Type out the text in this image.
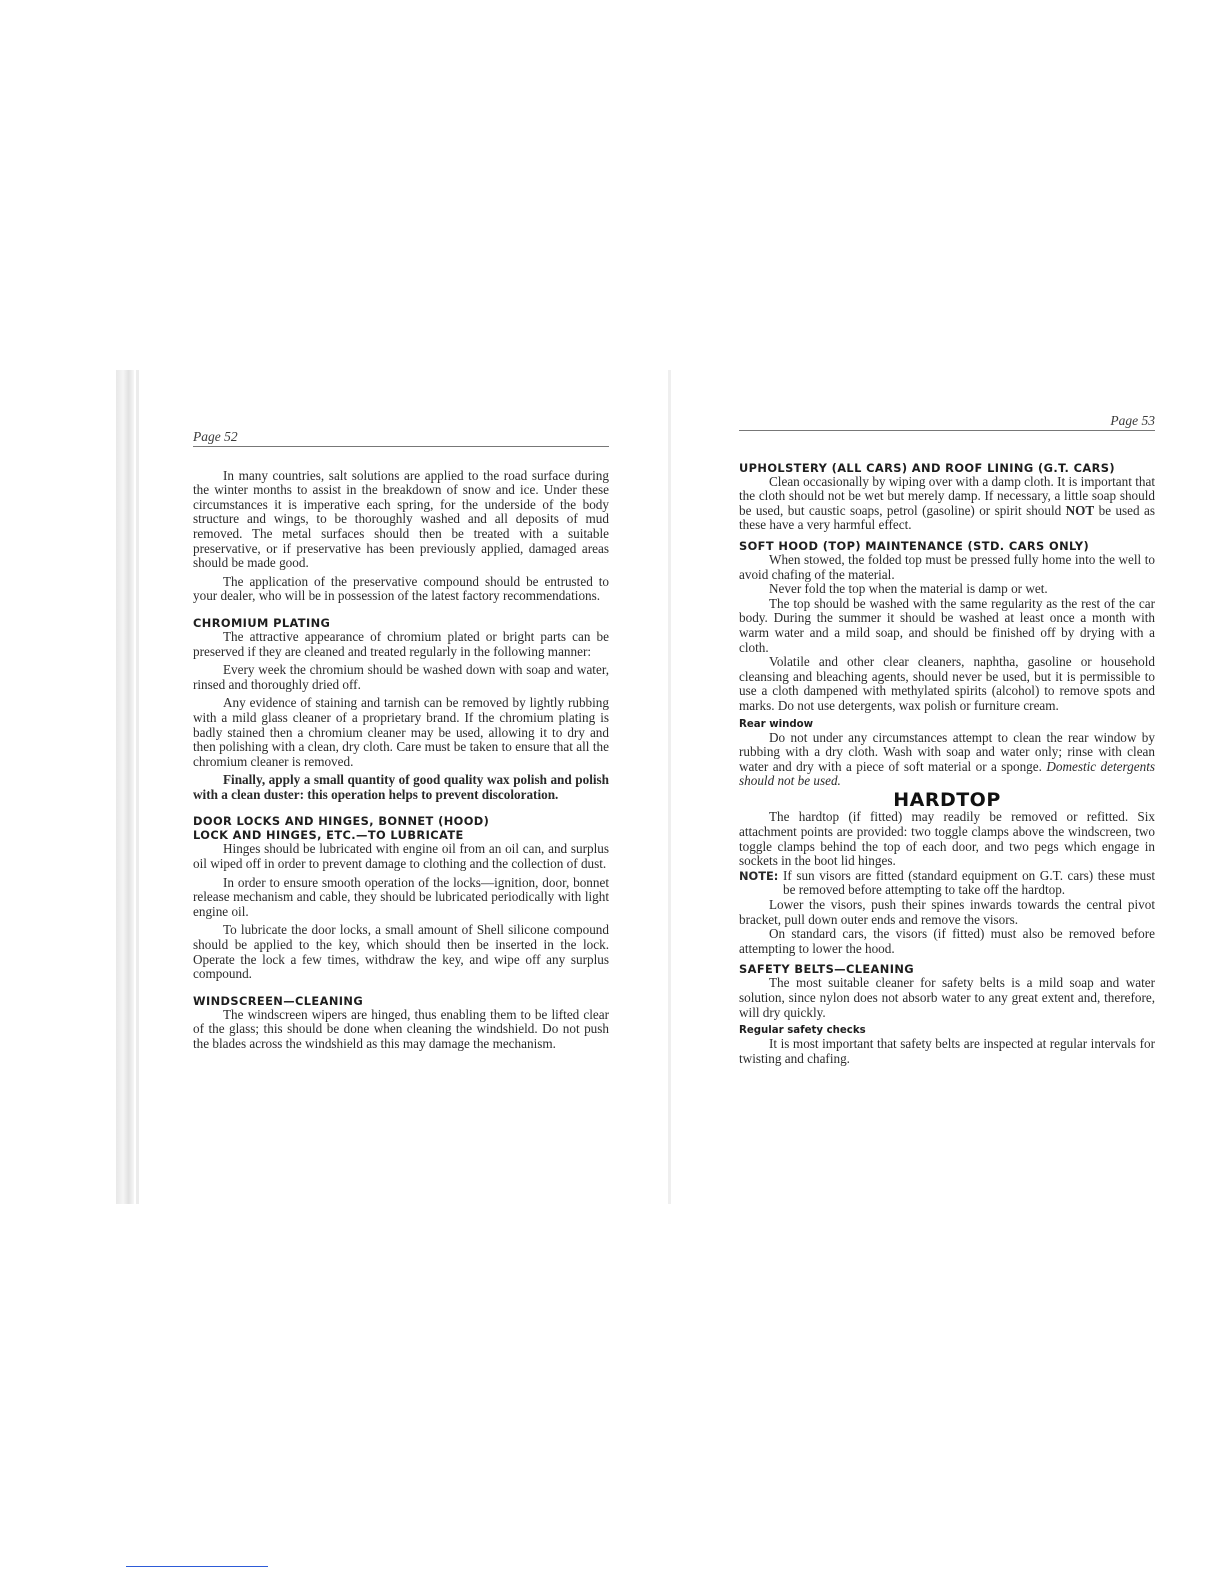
Page 52

In many countries, salt solutions are applied to the road surface during the winter months to assist in the breakdown of snow and ice. Under these circumstances it is imperative each spring, for the underside of the body structure and wings, to be thoroughly washed and all deposits of mud removed. The metal surfaces should then be treated with a suitable preservative, or if preservative has been previously applied, damaged areas should be made good.

The application of the preservative compound should be entrusted to your dealer, who will be in possession of the latest factory recommendations.

CHROMIUM PLATING

The attractive appearance of chromium plated or bright parts can be preserved if they are cleaned and treated regularly in the following manner:

Every week the chromium should be washed down with soap and water, rinsed and thoroughly dried off.

Any evidence of staining and tarnish can be removed by lightly rubbing with a mild glass cleaner of a proprietary brand. If the chromium plating is badly stained then a chromium cleaner may be used, allowing it to dry and then polishing with a clean, dry cloth. Care must be taken to ensure that all the chromium cleaner is removed.

Finally, apply a small quantity of good quality wax polish and polish with a clean duster: this operation helps to prevent discoloration.

DOOR LOCKS AND HINGES, BONNET (HOOD)
LOCK AND HINGES, ETC.—TO LUBRICATE

Hinges should be lubricated with engine oil from an oil can, and surplus oil wiped off in order to prevent damage to clothing and the collection of dust.

In order to ensure smooth operation of the locks—ignition, door, bonnet release mechanism and cable, they should be lubricated periodically with light engine oil.

To lubricate the door locks, a small amount of Shell silicone compound should be applied to the key, which should then be inserted in the lock. Operate the lock a few times, withdraw the key, and wipe off any surplus compound.

WINDSCREEN—CLEANING

The windscreen wipers are hinged, thus enabling them to be lifted clear of the glass; this should be done when cleaning the windshield. Do not push the blades across the windshield as this may damage the mechanism.

Page 53
UPHOLSTERY (ALL CARS) AND ROOF LINING (G.T. CARS)

Clean occasionally by wiping over with a damp cloth. It is important that the cloth should not be wet but merely damp. If necessary, a little soap should be used, but caustic soaps, petrol (gasoline) or spirit should NOT be used as these have a very harmful effect.

SOFT HOOD (TOP) MAINTENANCE (STD. CARS ONLY)

When stowed, the folded top must be pressed fully home into the well to avoid chafing of the material.

Never fold the top when the material is damp or wet.

The top should be washed with the same regularity as the rest of the car body. During the summer it should be washed at least once a month with warm water and a mild soap, and should be finished off by drying with a cloth.

Volatile and other clear cleaners, naphtha, gasoline or household cleansing and bleaching agents, should never be used, but it is permissible to use a cloth dampened with methylated spirits (alcohol) to remove spots and marks. Do not use detergents, wax polish or furniture cream.

Rear window

Do not under any circumstances attempt to clean the rear window by rubbing with a dry cloth. Wash with soap and water only; rinse with clean water and dry with a piece of soft material or a sponge. Domestic detergents should not be used.

HARDTOP

The hardtop (if fitted) may readily be removed or refitted. Six attachment points are provided: two toggle clamps above the windscreen, two toggle clamps behind the top of each door, and two pegs which engage in sockets in the boot lid hinges.

NOTE: If sun visors are fitted (standard equipment on G.T. cars) these must be removed before attempting to take off the hardtop.

Lower the visors, push their spines inwards towards the central pivot bracket, pull down outer ends and remove the visors.

On standard cars, the visors (if fitted) must also be removed before attempting to lower the hood.

SAFETY BELTS—CLEANING

The most suitable cleaner for safety belts is a mild soap and water solution, since nylon does not absorb water to any great extent and, therefore, will dry quickly.

Regular safety checks

It is most important that safety belts are inspected at regular intervals for twisting and chafing.
